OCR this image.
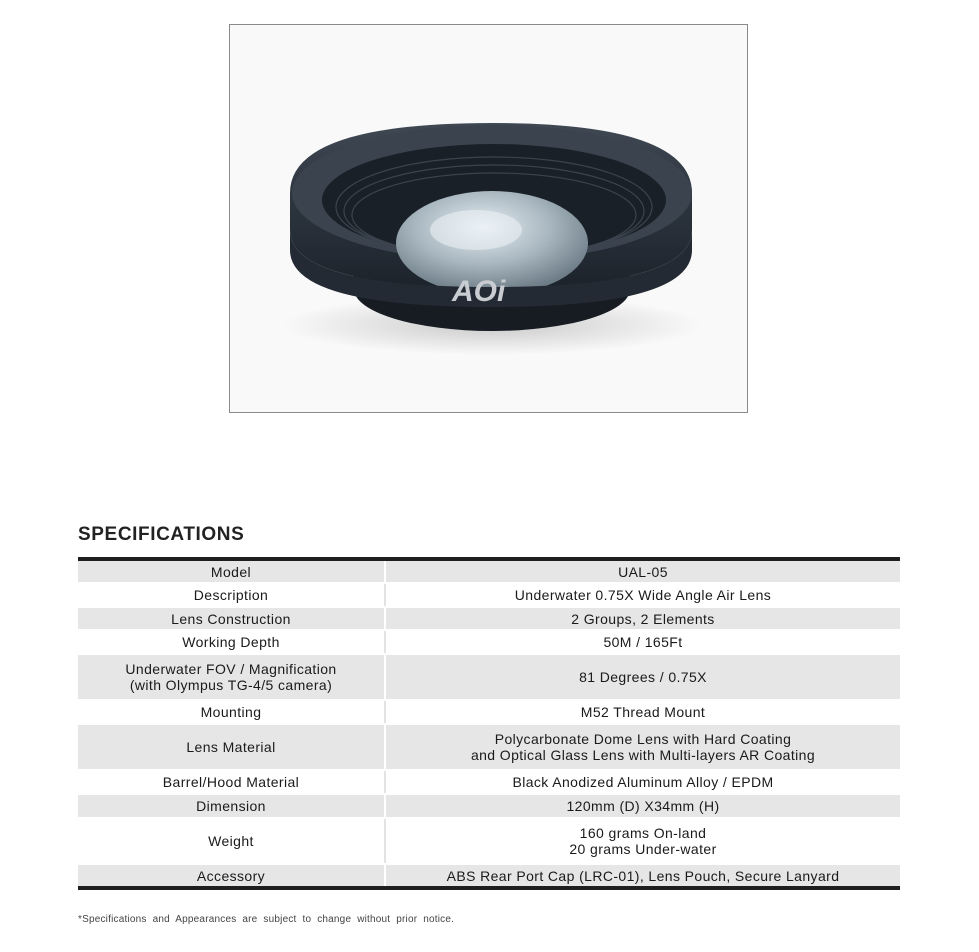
AOi
SPECIFICATIONS
Model	UAL-05

Description	Underwater 0.75X Wide Angle Air Lens

Lens Construction	2 Groups, 2 Elements

Working Depth	50M / 165Ft

Underwater FOV / Magnification
(with Olympus TG-4/5 camera)	81 Degrees / 0.75X

Mounting	M52 Thread Mount

Lens Material	Polycarbonate Dome Lens with Hard Coating
and Optical Glass Lens with Multi-layers AR Coating

Barrel/Hood Material	Black Anodized Aluminum Alloy / EPDM

Dimension	120mm (D) X34mm (H)

Weight	160 grams On-land
20 grams Under-water

Accessory	ABS Rear Port Cap (LRC-01), Lens Pouch, Secure Lanyard
*Specifications and Appearances are subject to change without prior notice.
